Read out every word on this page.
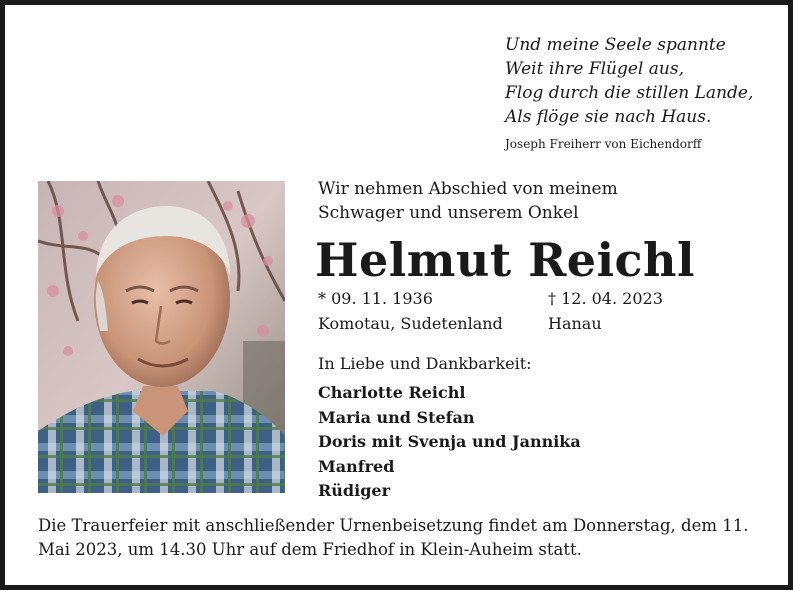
Und meine Seele spannte
Weit ihre Flügel aus,
Flog durch die stillen Lande,
Als flöge sie nach Haus.
Joseph Freiherr von Eichendorff
Wir nehmen Abschied von meinem
Schwager und unserem Onkel
Helmut Reichl
* 09. 11. 1936	† 12. 04. 2023
Komotau, Sudetenland	Hanau
In Liebe und Dankbarkeit:
Charlotte Reichl
Maria und Stefan
Doris mit Svenja und Jannika
Manfred
Rüdiger
Die Trauerfeier mit anschließender Urnenbeisetzung findet am Donnerstag, dem 11. Mai 2023, um 14.30 Uhr auf dem Friedhof in Klein-Auheim statt.
